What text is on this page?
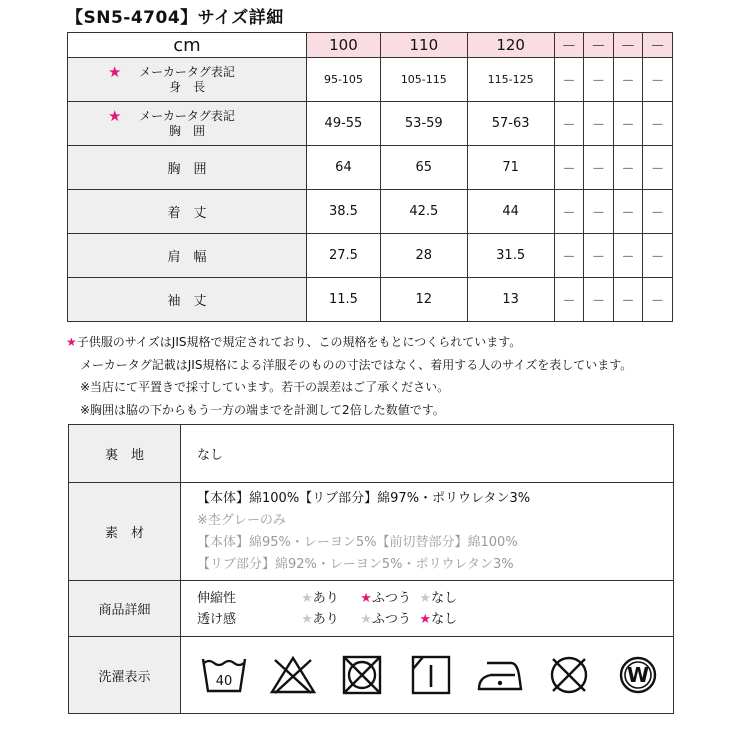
【SN5-4704】サイズ詳細
cm	100	110	120	－	－	－	－

★ メーカータグ表記
身　長	95-105	105-115	115-125	－	－	－	－

★ メーカータグ表記
胸　囲	49-55	53-59	57-63	－	－	－	－
胸　囲	64	65	71	－	－	－	－
着　丈	38.5	42.5	44	－	－	－	－
肩　幅	27.5	28	31.5	－	－	－	－
袖　丈	11.5	12	13	－	－	－	－
★子供服のサイズはJIS規格で規定されており、この規格をもとにつくられています。
メーカータグ記載はJIS規格による洋服そのものの寸法ではなく、着用する人のサイズを表しています。
※当店にて平置きで採寸しています。若干の誤差はご了承ください。
※胸囲は脇の下からもう一方の端までを計測して2倍した数値です。
裏　地	なし
素　材	【本体】綿100%【リブ部分】綿97%・ポリウレタン3%
※杢グレーのみ
【本体】綿95%・レーヨン5%【前切替部分】綿100%
【リブ部分】綿92%・レーヨン5%・ポリウレタン3%

商品詳細	伸縮性 ★あり ★ふつう ★なし
透け感 ★あり ★ふつう ★なし

洗濯表示	40 W
